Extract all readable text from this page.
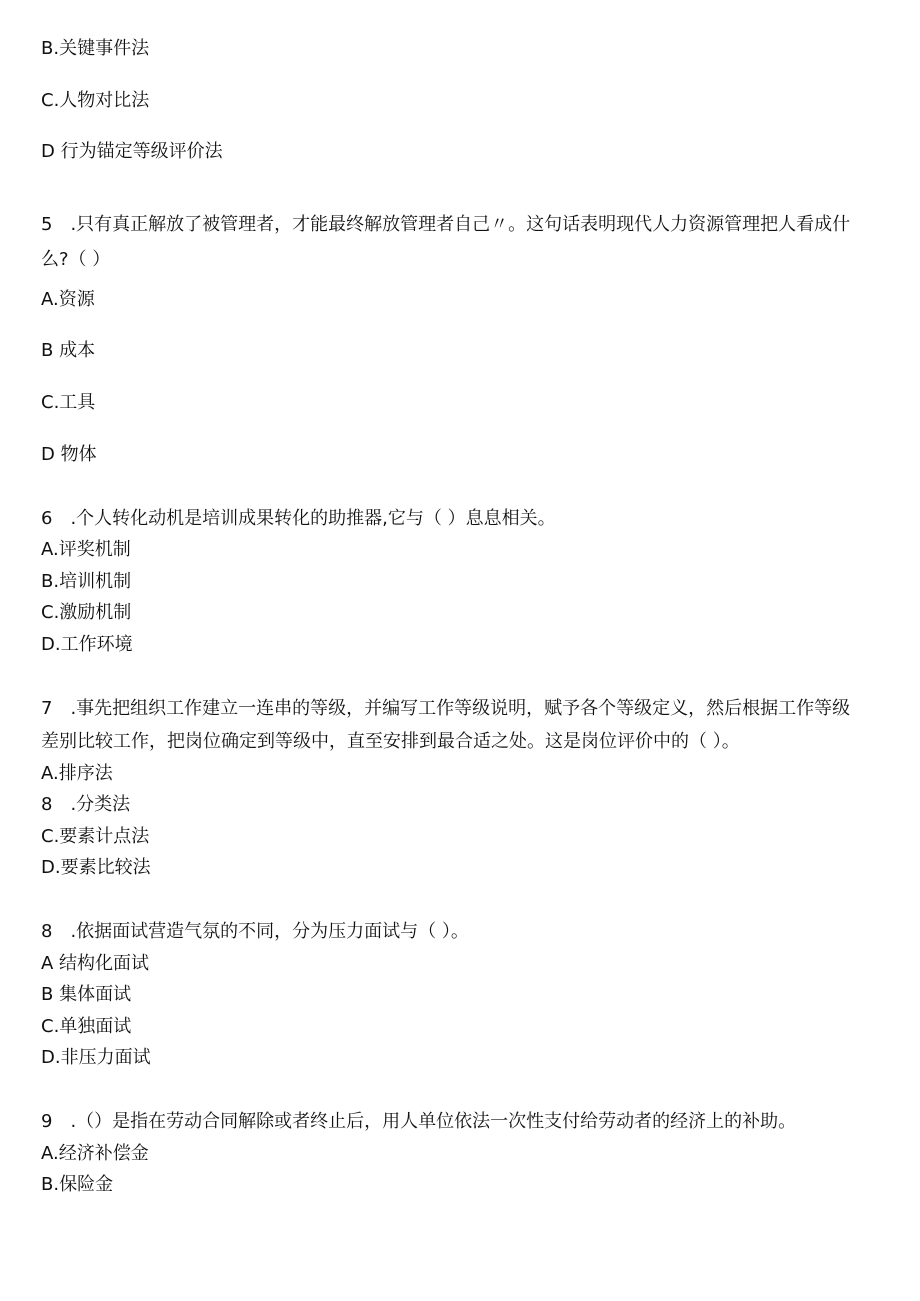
B.关键事件法
C.人物对比法
D 行为锚定等级评价法
5　.只有真正解放了被管理者，才能最终解放管理者自己〃。这句话表明现代人力资源管理把人看成什
么?（ ）
A.资源
B 成本
C.工具
D 物体
6　.个人转化动机是培训成果转化的助推器,它与（ ）息息相关。
A.评奖机制
B.培训机制
C.激励机制
D.工作环境
7　.事先把组织工作建立一连串的等级，并编写工作等级说明，赋予各个等级定义，然后根据工作等级
差别比较工作，把岗位确定到等级中，直至安排到最合适之处。这是岗位评价中的（ ）。
A.排序法
8　.分类法
C.要素计点法
D.要素比较法
8　.依据面试营造气氛的不同，分为压力面试与（ ）。
A 结构化面试
B 集体面试
C.单独面试
D.非压力面试
9　.（）是指在劳动合同解除或者终止后，用人单位依法一次性支付给劳动者的经济上的补助。
A.经济补偿金
B.保险金
